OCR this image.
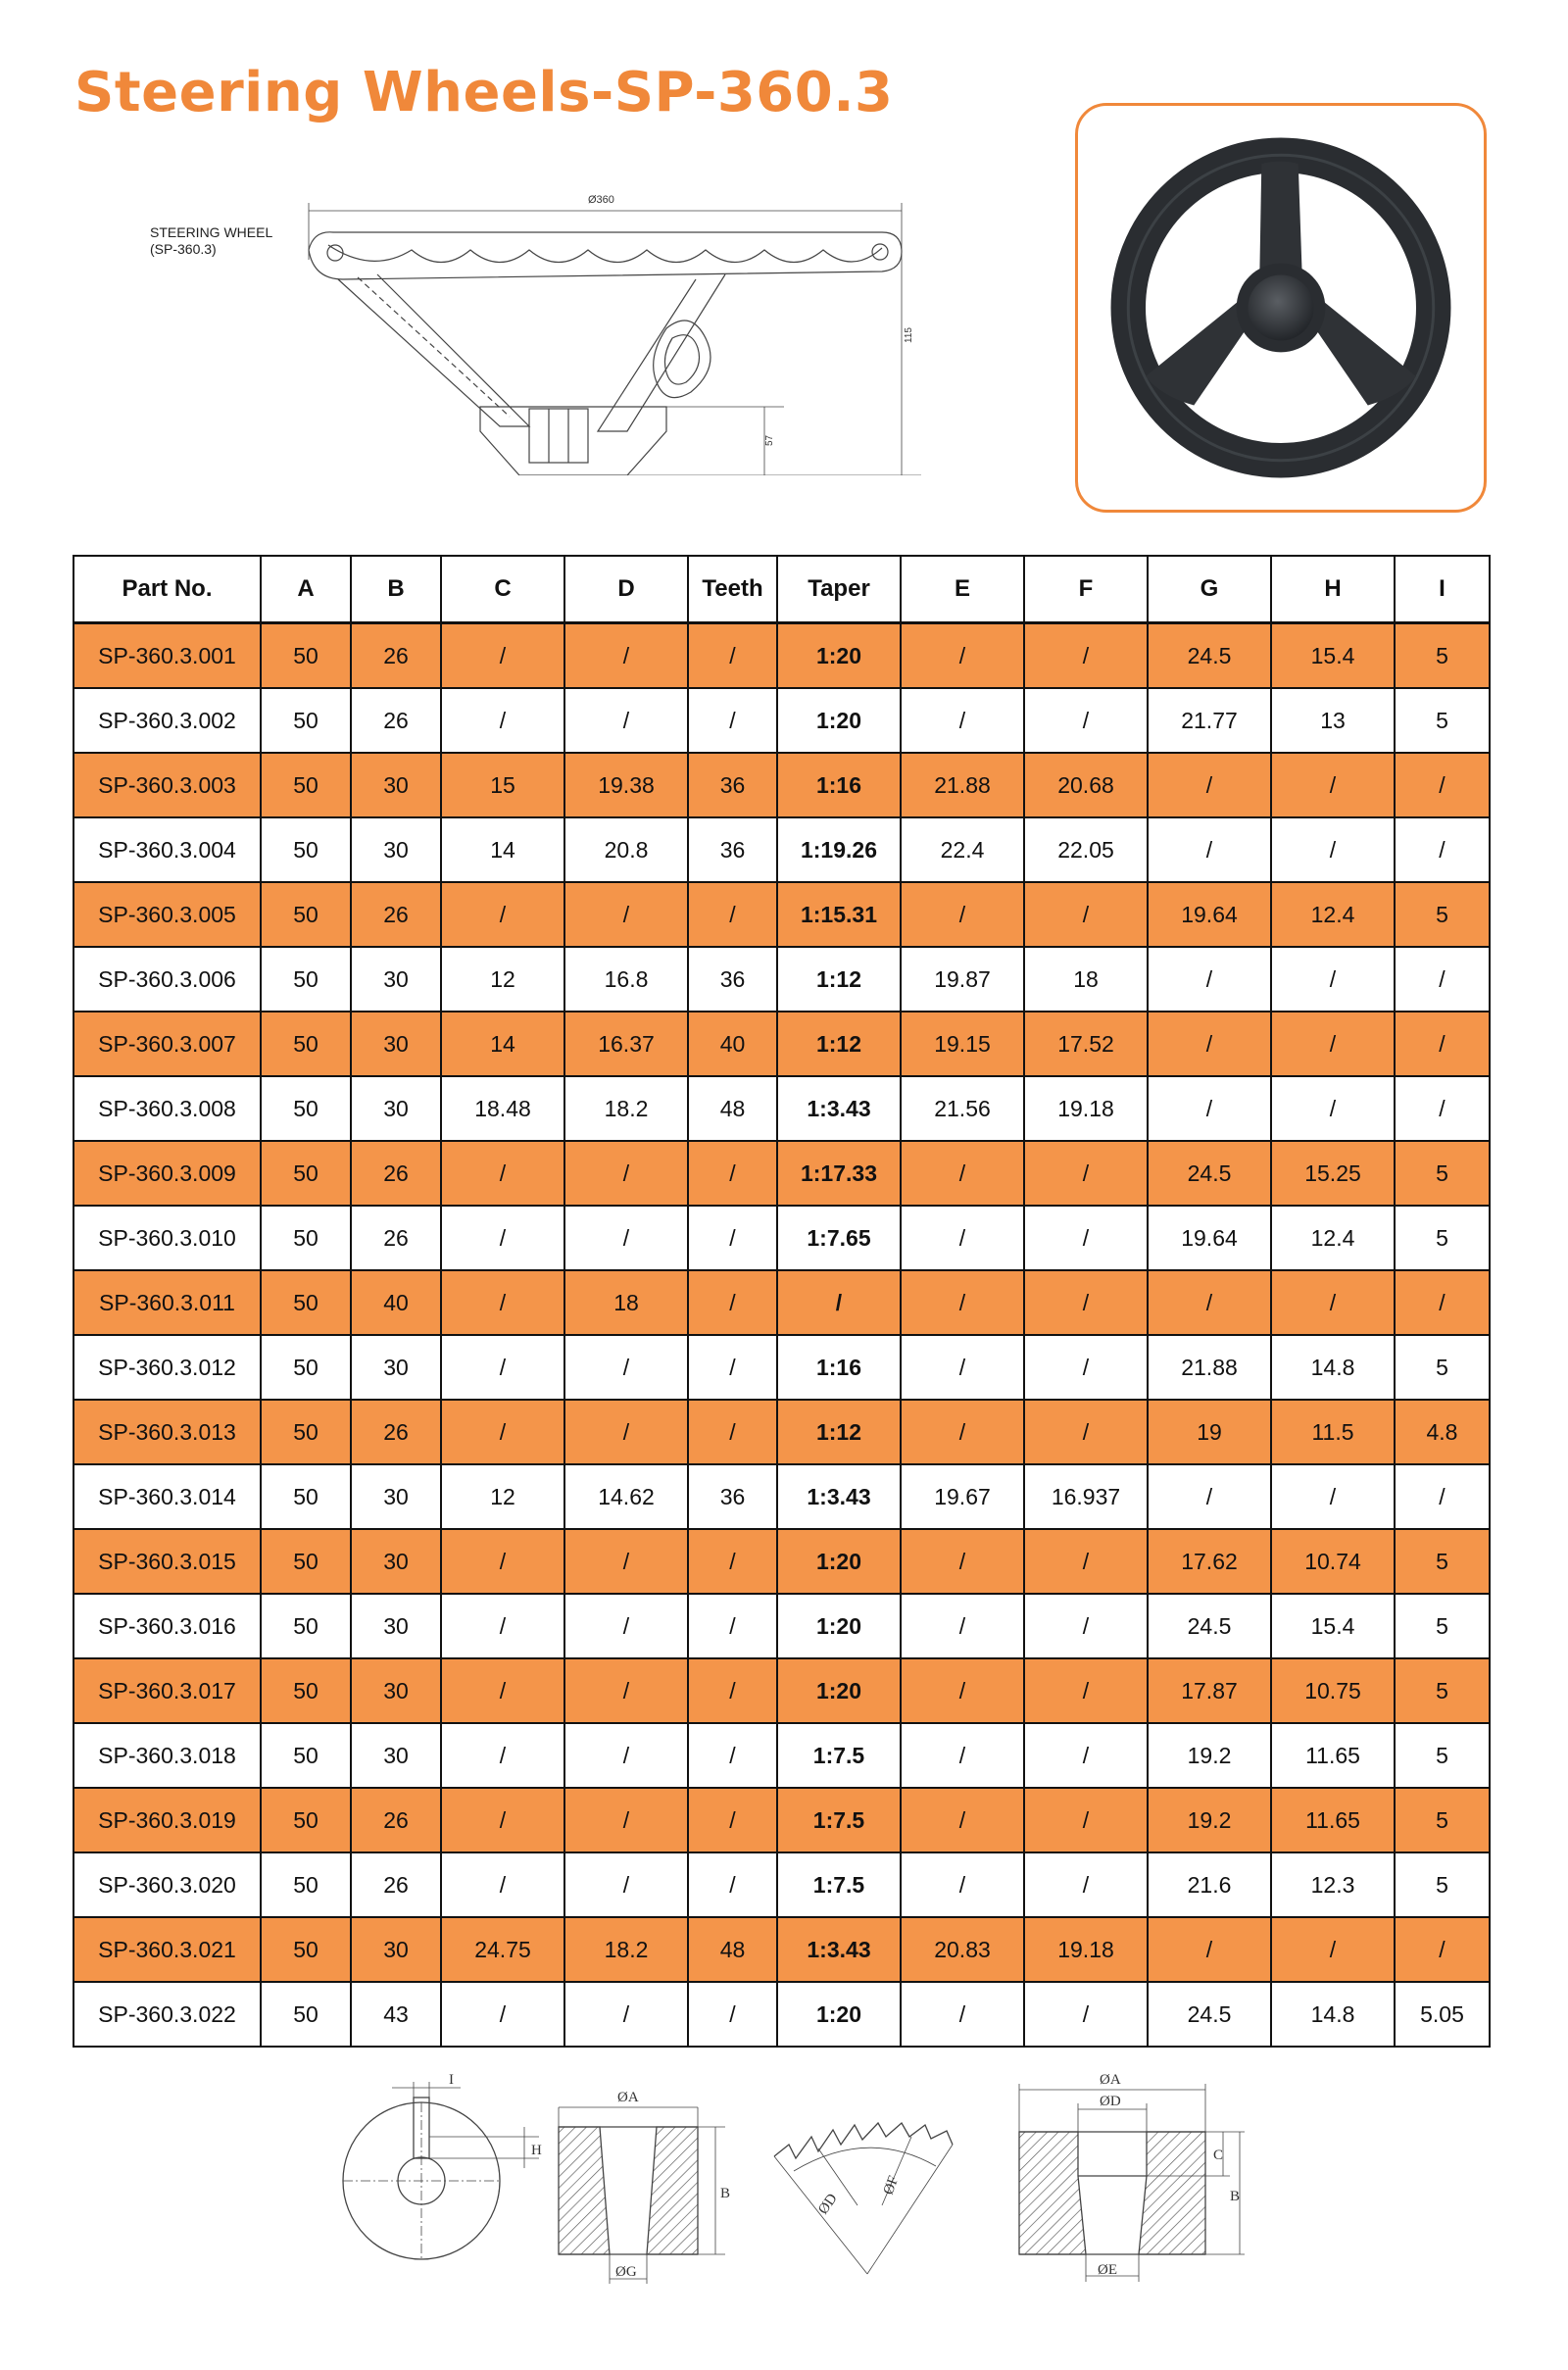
Steering Wheels-SP-360.3
Ø360
115
57
STEERING WHEEL
(SP-360.3)
Part No.	A	B	C	D	Teeth	Taper	E	F	G	H	I
SP-360.3.001	50	26	/	/	/	1:20	/	/	24.5	15.4	5
SP-360.3.002	50	26	/	/	/	1:20	/	/	21.77	13	5
SP-360.3.003	50	30	15	19.38	36	1:16	21.88	20.68	/	/	/
SP-360.3.004	50	30	14	20.8	36	1:19.26	22.4	22.05	/	/	/
SP-360.3.005	50	26	/	/	/	1:15.31	/	/	19.64	12.4	5
SP-360.3.006	50	30	12	16.8	36	1:12	19.87	18	/	/	/
SP-360.3.007	50	30	14	16.37	40	1:12	19.15	17.52	/	/	/
SP-360.3.008	50	30	18.48	18.2	48	1:3.43	21.56	19.18	/	/	/
SP-360.3.009	50	26	/	/	/	1:17.33	/	/	24.5	15.25	5
SP-360.3.010	50	26	/	/	/	1:7.65	/	/	19.64	12.4	5
SP-360.3.011	50	40	/	18	/	/	/	/	/	/	/
SP-360.3.012	50	30	/	/	/	1:16	/	/	21.88	14.8	5
SP-360.3.013	50	26	/	/	/	1:12	/	/	19	11.5	4.8
SP-360.3.014	50	30	12	14.62	36	1:3.43	19.67	16.937	/	/	/
SP-360.3.015	50	30	/	/	/	1:20	/	/	17.62	10.74	5
SP-360.3.016	50	30	/	/	/	1:20	/	/	24.5	15.4	5
SP-360.3.017	50	30	/	/	/	1:20	/	/	17.87	10.75	5
SP-360.3.018	50	30	/	/	/	1:7.5	/	/	19.2	11.65	5
SP-360.3.019	50	26	/	/	/	1:7.5	/	/	19.2	11.65	5
SP-360.3.020	50	26	/	/	/	1:7.5	/	/	21.6	12.3	5
SP-360.3.021	50	30	24.75	18.2	48	1:3.43	20.83	19.18	/	/	/
SP-360.3.022	50	43	/	/	/	1:20	/	/	24.5	14.8	5.05
I
H
ØA
B
ØG
ØD
ØF
ØA
ØD
C
B
ØE
